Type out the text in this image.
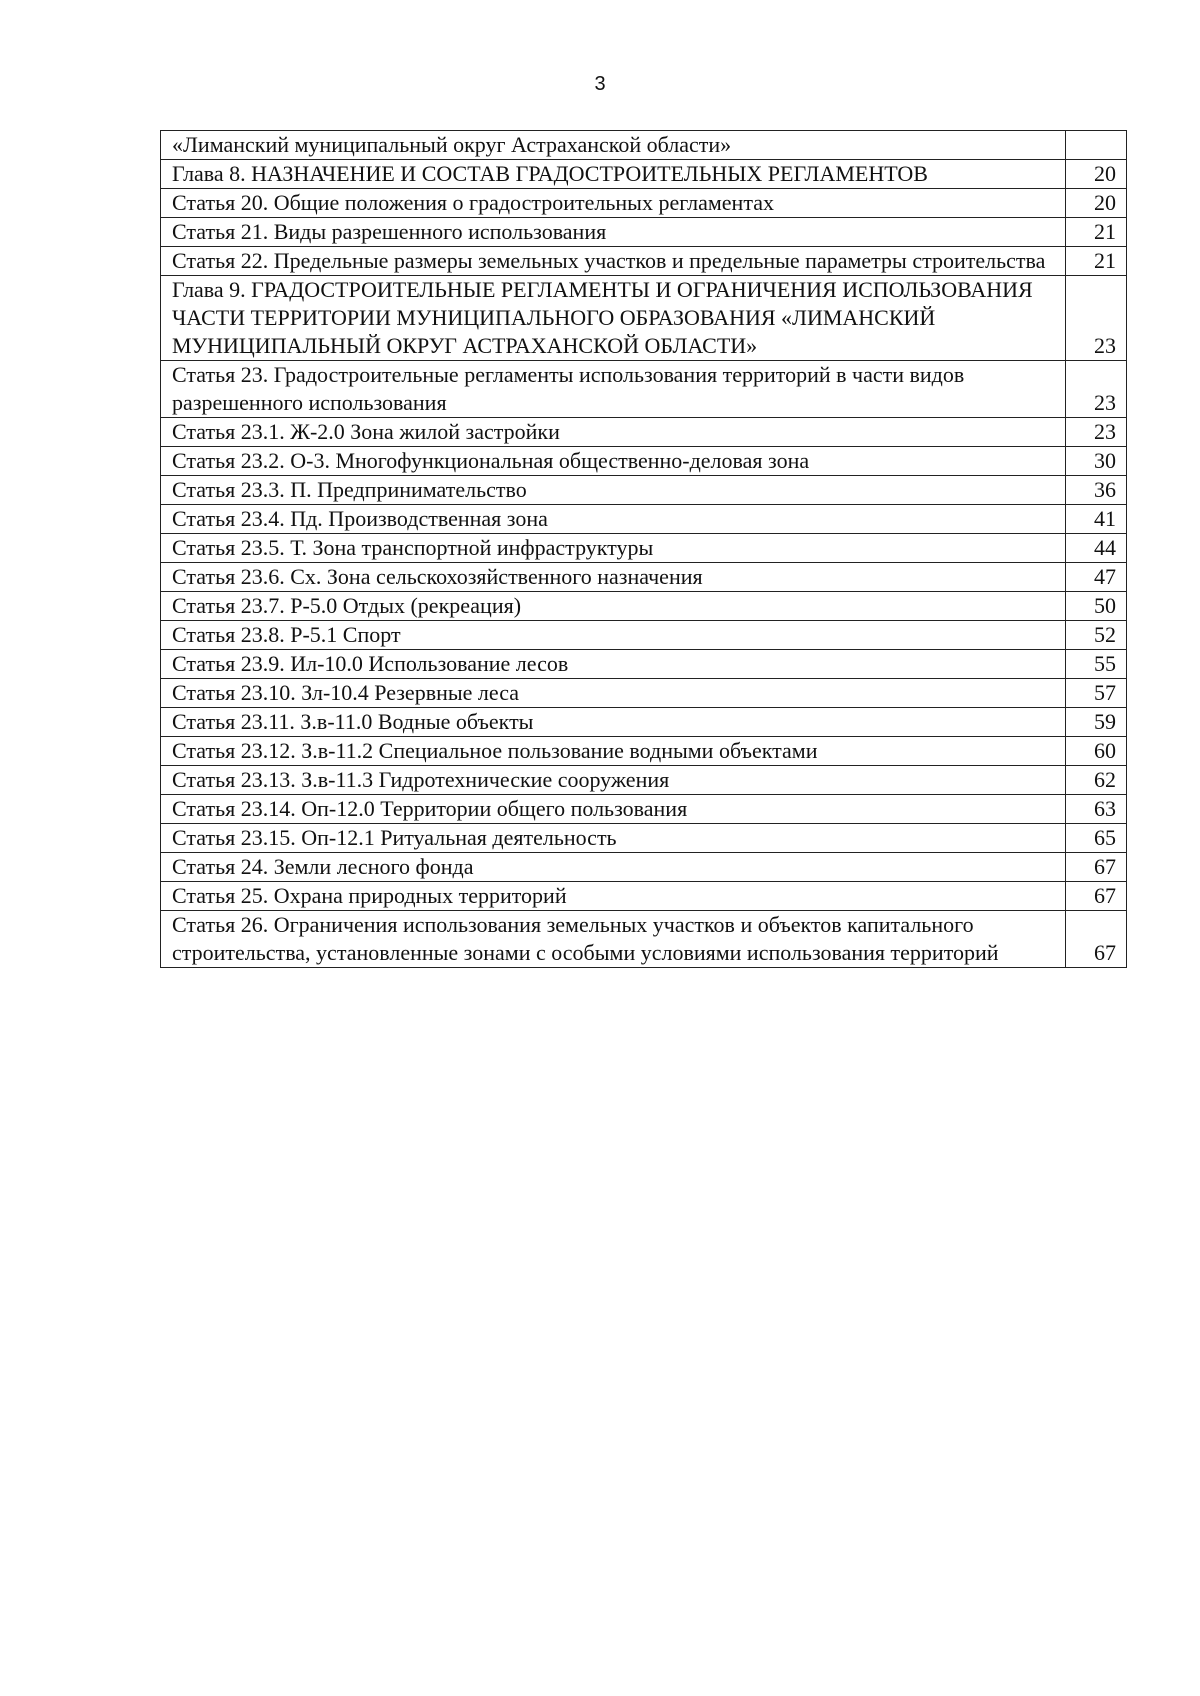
3
«Лиманский муниципальный округ Астраханской области»	
Глава 8. НАЗНАЧЕНИЕ И СОСТАВ ГРАДОСТРОИТЕЛЬНЫХ РЕГЛАМЕНТОВ	20
Статья 20. Общие положения о градостроительных регламентах	20
Статья 21. Виды разрешенного использования	21
Статья 22. Предельные размеры земельных участков и предельные параметры строительства	21
Глава 9. ГРАДОСТРОИТЕЛЬНЫЕ РЕГЛАМЕНТЫ И ОГРАНИЧЕНИЯ ИСПОЛЬЗОВАНИЯ ЧАСТИ ТЕРРИТОРИИ МУНИЦИПАЛЬНОГО ОБРАЗОВАНИЯ «ЛИМАНСКИЙ МУНИЦИПАЛЬНЫЙ ОКРУГ АСТРАХАНСКОЙ ОБЛАСТИ»	23
Статья 23. Градостроительные регламенты использования территорий в части видов разрешенного использования	23
Статья 23.1. Ж-2.0 Зона жилой застройки	23
Статья 23.2. О-3. Многофункциональная общественно-деловая зона	30
Статья 23.3. П. Предпринимательство	36
Статья 23.4. Пд. Производственная зона	41
Статья 23.5. Т. Зона транспортной инфраструктуры	44
Статья 23.6. Сх. Зона сельскохозяйственного назначения	47
Статья 23.7. Р-5.0 Отдых (рекреация)	50
Статья 23.8. Р-5.1 Спорт	52
Статья 23.9. Ил-10.0 Использование лесов	55
Статья 23.10. Зл-10.4 Резервные леса	57
Статья 23.11. З.в-11.0 Водные объекты	59
Статья 23.12. З.в-11.2 Специальное пользование водными объектами	60
Статья 23.13. З.в-11.3 Гидротехнические сооружения	62
Статья 23.14. Оп-12.0 Территории общего пользования	63
Статья 23.15. Оп-12.1 Ритуальная деятельность	65
Статья 24. Земли лесного фонда	67
Статья 25. Охрана природных территорий	67
Статья 26. Ограничения использования земельных участков и объектов капитального строительства, установленные зонами с особыми условиями использования территорий	67
